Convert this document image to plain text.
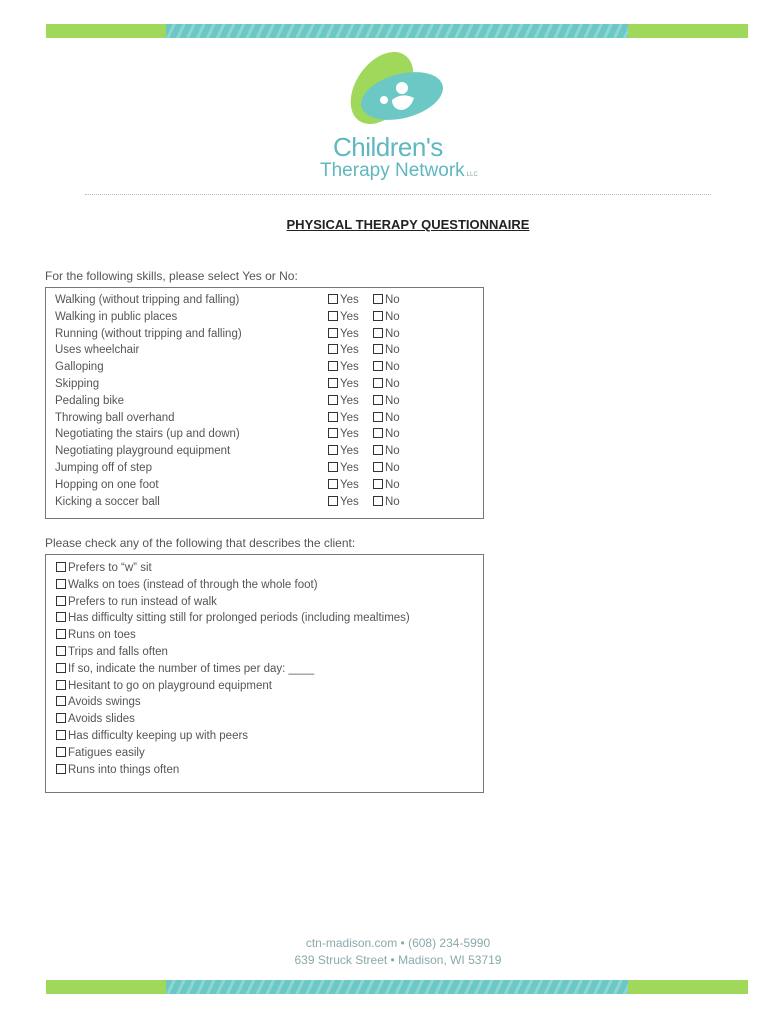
Children's
Therapy Network LLC
PHYSICAL THERAPY QUESTIONNAIRE
For the following skills, please select Yes or No:
Walking (without tripping and falling)	Yes	No
Walking in public places	Yes	No
Running (without tripping and falling)	Yes	No
Uses wheelchair	Yes	No
Galloping	Yes	No
Skipping	Yes	No
Pedaling bike	Yes	No
Throwing ball overhand	Yes	No
Negotiating the stairs (up and down)	Yes	No
Negotiating playground equipment	Yes	No
Jumping off of step	Yes	No
Hopping on one foot	Yes	No
Kicking a soccer ball	Yes	No
Please check any of the following that describes the client:
Prefers to “w” sit
Walks on toes (instead of through the whole foot)
Prefers to run instead of walk
Has difficulty sitting still for prolonged periods (including mealtimes)
Runs on toes
Trips and falls often
If so, indicate the number of times per day: ____
Hesitant to go on playground equipment
Avoids swings
Avoids slides
Has difficulty keeping up with peers
Fatigues easily
Runs into things often
ctn-madison.com • (608) 234-5990
639 Struck Street • Madison, WI 53719
